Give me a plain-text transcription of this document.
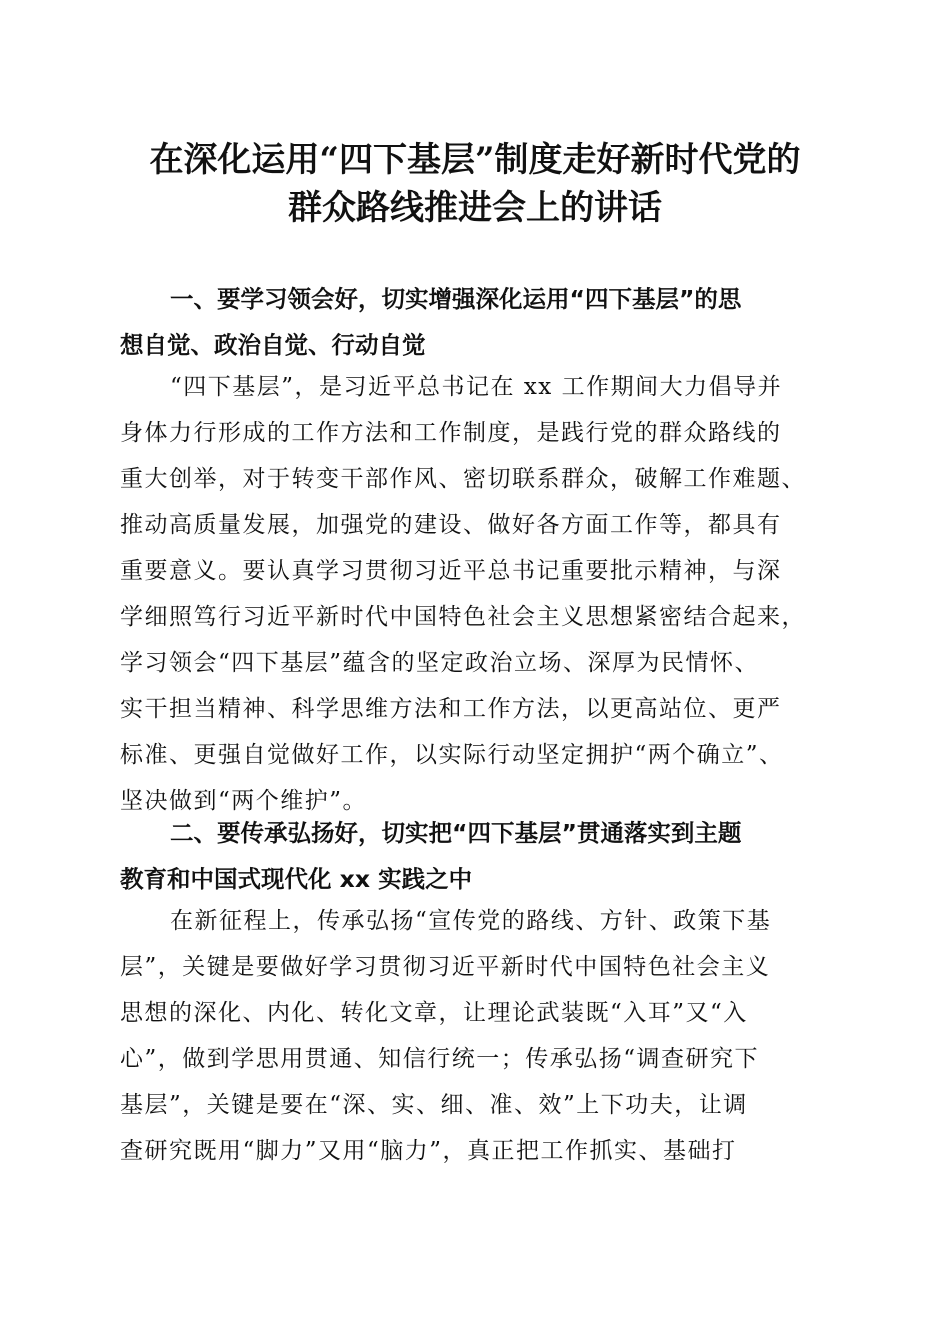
在深化运用“四下基层”制度走好新时代党的
群众路线推进会上的讲话
一、要学习领会好，切实增强深化运用“四下基层”的思
想自觉、政治自觉、行动自觉
“四下基层”，是习近平总书记在 xx 工作期间大力倡导并
身体力行形成的工作方法和工作制度，是践行党的群众路线的
重大创举，对于转变干部作风、密切联系群众，破解工作难题、
推动高质量发展，加强党的建设、做好各方面工作等，都具有
重要意义。要认真学习贯彻习近平总书记重要批示精神，与深
学细照笃行习近平新时代中国特色社会主义思想紧密结合起来，
学习领会“四下基层”蕴含的坚定政治立场、深厚为民情怀、
实干担当精神、科学思维方法和工作方法，以更高站位、更严
标准、更强自觉做好工作，以实际行动坚定拥护“两个确立”、
坚决做到“两个维护”。
二、要传承弘扬好，切实把“四下基层”贯通落实到主题
教育和中国式现代化 xx 实践之中
在新征程上，传承弘扬“宣传党的路线、方针、政策下基
层”，关键是要做好学习贯彻习近平新时代中国特色社会主义
思想的深化、内化、转化文章，让理论武装既“入耳”又“入
心”，做到学思用贯通、知信行统一；传承弘扬“调查研究下
基层”，关键是要在“深、实、细、准、效”上下功夫，让调
查研究既用“脚力”又用“脑力”，真正把工作抓实、基础打
